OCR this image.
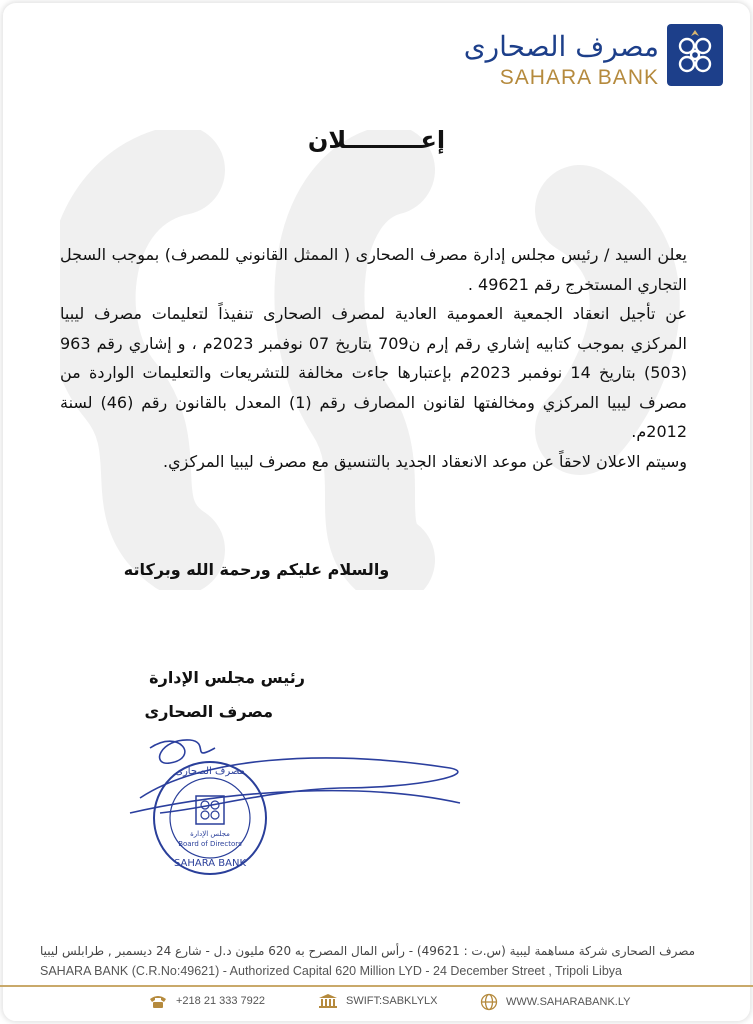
مصرف الصحارى
SAHARA BANK
إعـــــــــلان

يعلن السيد / رئيس مجلس إدارة مصرف الصحارى ( الممثل القانوني للمصرف) بموجب السجل التجاري المستخرج رقم 49621 .

عن تأجيل انعقاد الجمعية العمومية العادية لمصرف الصحارى تنفيذاً لتعليمات مصرف ليبيا المركزي بموجب كتابيه إشاري رقم إرم ن709 بتاريخ 07 نوفمبر 2023م ، و إشاري رقم 963 (503) بتاريخ 14 نوفمبر 2023م بإعتبارها جاءت مخالفة للتشريعات والتعليمات الواردة من مصرف ليبيا المركزي ومخالفتها لقانون المصارف رقم (1) المعدل بالقانون رقم (46) لسنة 2012م.

وسيتم الاعلان لاحقاً عن موعد الانعقاد الجديد بالتنسيق مع مصرف ليبيا المركزي.

والسلام عليكم ورحمة الله وبركاته
رئيس مجلس الإدارة
مصرف الصحارى
مصرف الصحارى
مجلس الإدارة
Board of Directors
SAHARA BANK
مصرف الصحارى شركة مساهمة ليبية (س.ت : 49621) - رأس المال المصرح به 620 مليون د.ل - شارع 24 ديسمبر , طرابلس ليبيا
SAHARA BANK (C.R.No:49621) - Authorized Capital 620 Million LYD - 24 December Street , Tripoli Libya
+218 21 333 7922	SWIFT:SABKLYLX	WWW.SAHARABANK.LY
